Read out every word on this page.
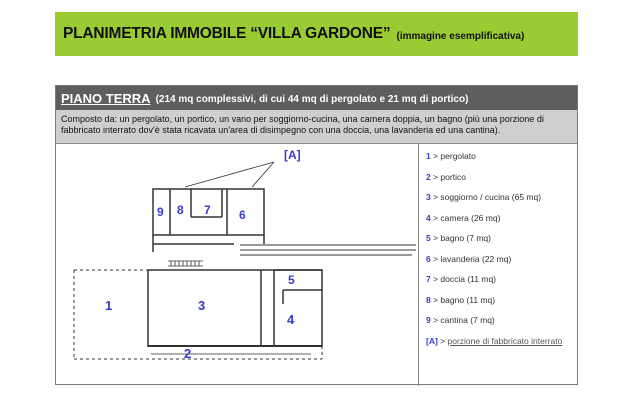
PLANIMETRIA IMMOBILE “VILLA GARDONE” (immagine esemplificativa)
PIANO TERRA (214 mq complessivi, di cui 44 mq di pergolato e 21 mq di portico)
Composto da: un pergolato, un portico, un vano per soggiorno-cucina, una camera doppia, un bagno (più una porzione di fabbricato interrato dov'è stata ricavata un'area di disimpegno con una doccia, una lavanderia ed una cantina).
[A]
9 8 7 6
5
1	3
4
2
1 > pergolato
2 > portico
3 > soggiorno / cucina (65 mq)
4 > camera (26 mq)
5 > bagno (7 mq)
6 > lavanderia (22 mq)
7 > doccia (11 mq)
8 > bagno (11 mq)
9 > cantina (7 mq)
[A] > porzione di fabbricato interrato
